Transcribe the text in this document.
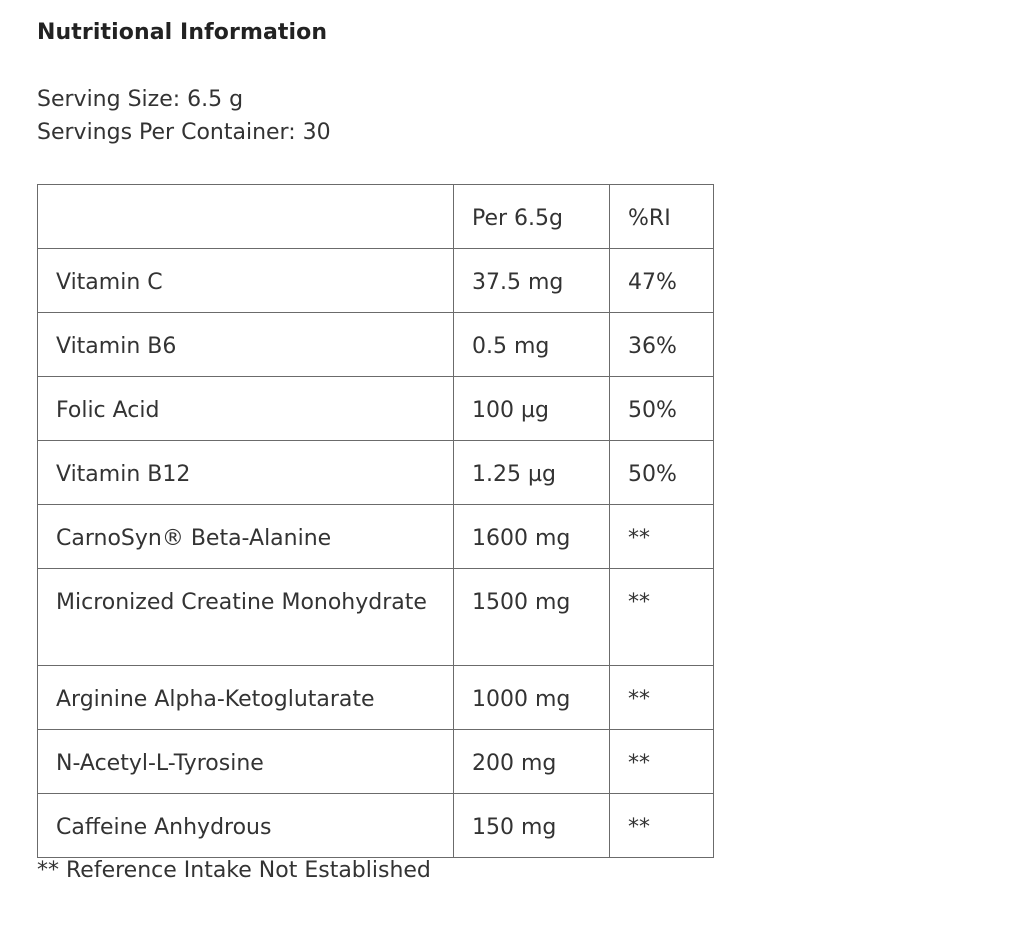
Nutritional Information
Serving Size: 6.5 g
Servings Per Container: 30
	Per 6.5g	%RI
Vitamin C	37.5 mg	47%
Vitamin B6	0.5 mg	36%
Folic Acid	100 µg	50%
Vitamin B12	1.25 µg	50%
CarnoSyn® Beta-Alanine	1600 mg	**
Micronized Creatine Monohydrate	1500 mg	**
Arginine Alpha-Ketoglutarate	1000 mg	**
N-Acetyl-L-Tyrosine	200 mg	**
Caffeine Anhydrous	150 mg	**
** Reference Intake Not Established
